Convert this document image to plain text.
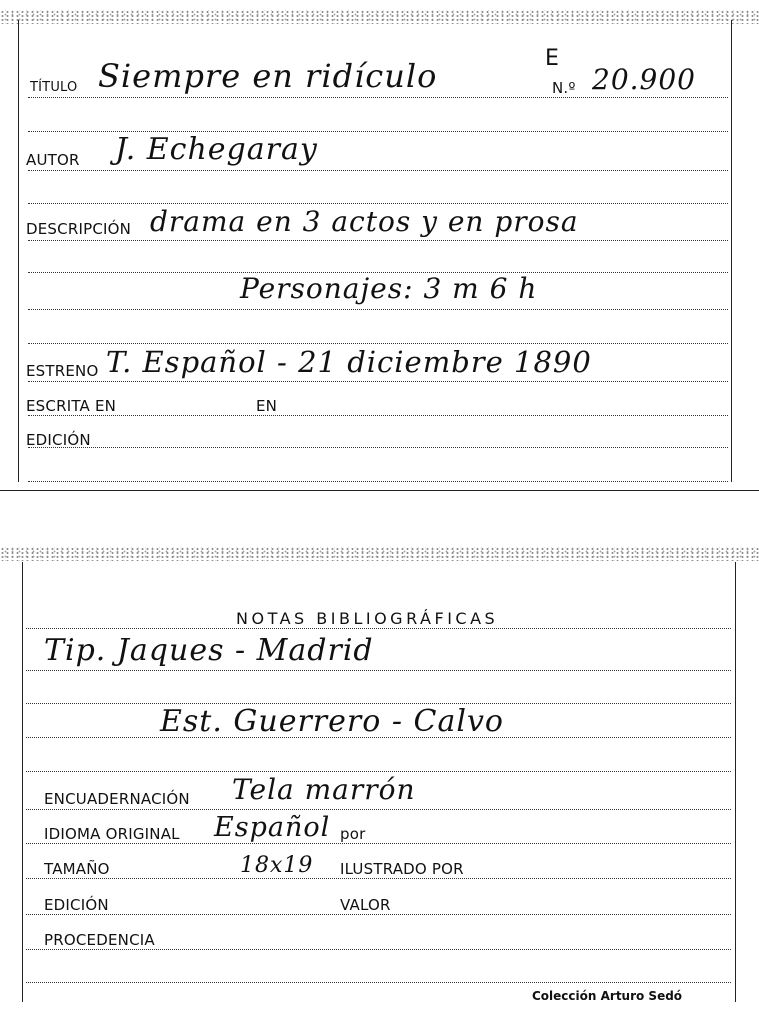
E
TÍTULO Siempre en ridículo	N.º 20.900
AUTOR J. Echegaray
DESCRIPCIÓN drama en 3 actos y en prosa
Personajes: 3 m 6 h
ESTRENO T. Español - 21 diciembre 1890
ESCRITA EN	EN
EDICIÓN
NOTAS BIBLIOGRÁFICAS
Tip. Jaques - Madrid
Est. Guerrero - Calvo
ENCUADERNACIÓN Tela marrón
IDIOMA ORIGINAL Español por
TAMAÑO	18x19 ILUSTRADO POR
EDICIÓN	VALOR
PROCEDENCIA
Colección Arturo Sedó
